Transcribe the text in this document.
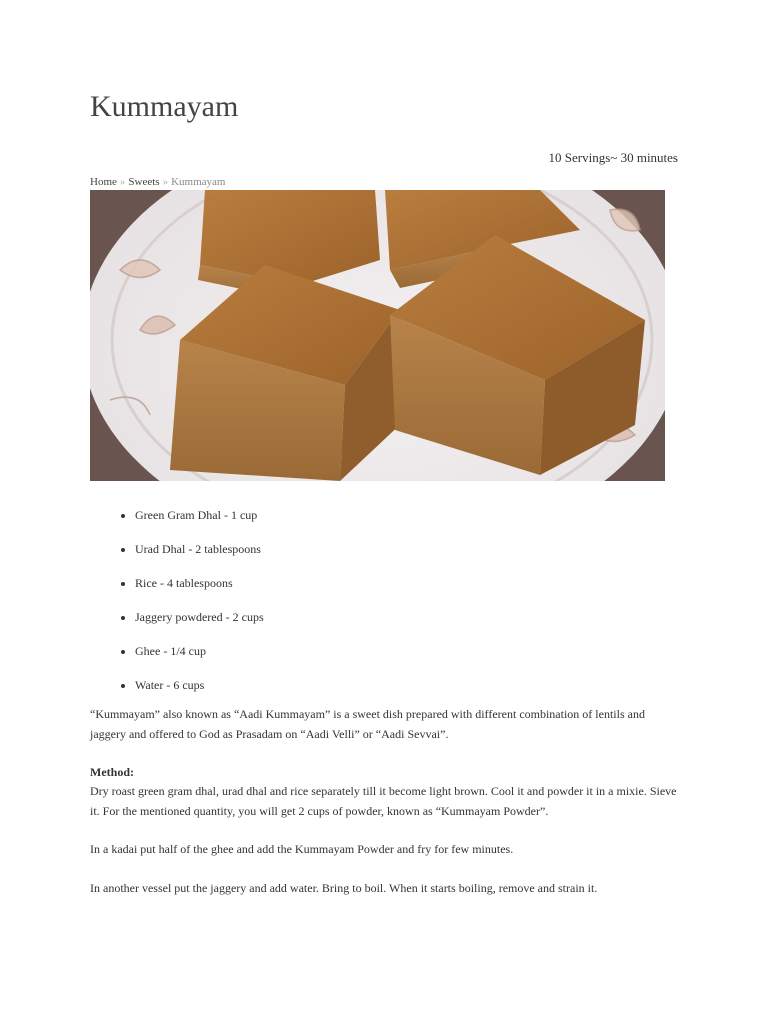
Kummayam
10 Servings~ 30 minutes
Home » Sweets » Kummayam
• Green Gram Dhal - 1 cup
• Urad Dhal - 2 tablespoons
• Rice - 4 tablespoons
• Jaggery powdered - 2 cups
• Ghee - 1/4 cup
• Water - 6 cups

“Kummayam” also known as “Aadi Kummayam” is a sweet dish prepared with different combination of lentils and jaggery and offered to God as Prasadam on “Aadi Velli” or “Aadi Sevvai”.

Method:

Dry roast green gram dhal, urad dhal and rice separately till it become light brown. Cool it and powder it in a mixie. Sieve it. For the mentioned quantity, you will get 2 cups of powder, known as “Kummayam Powder”.

In a kadai put half of the ghee and add the Kummayam Powder and fry for few minutes.

In another vessel put the jaggery and add water. Bring to boil. When it starts boiling, remove and strain it.
